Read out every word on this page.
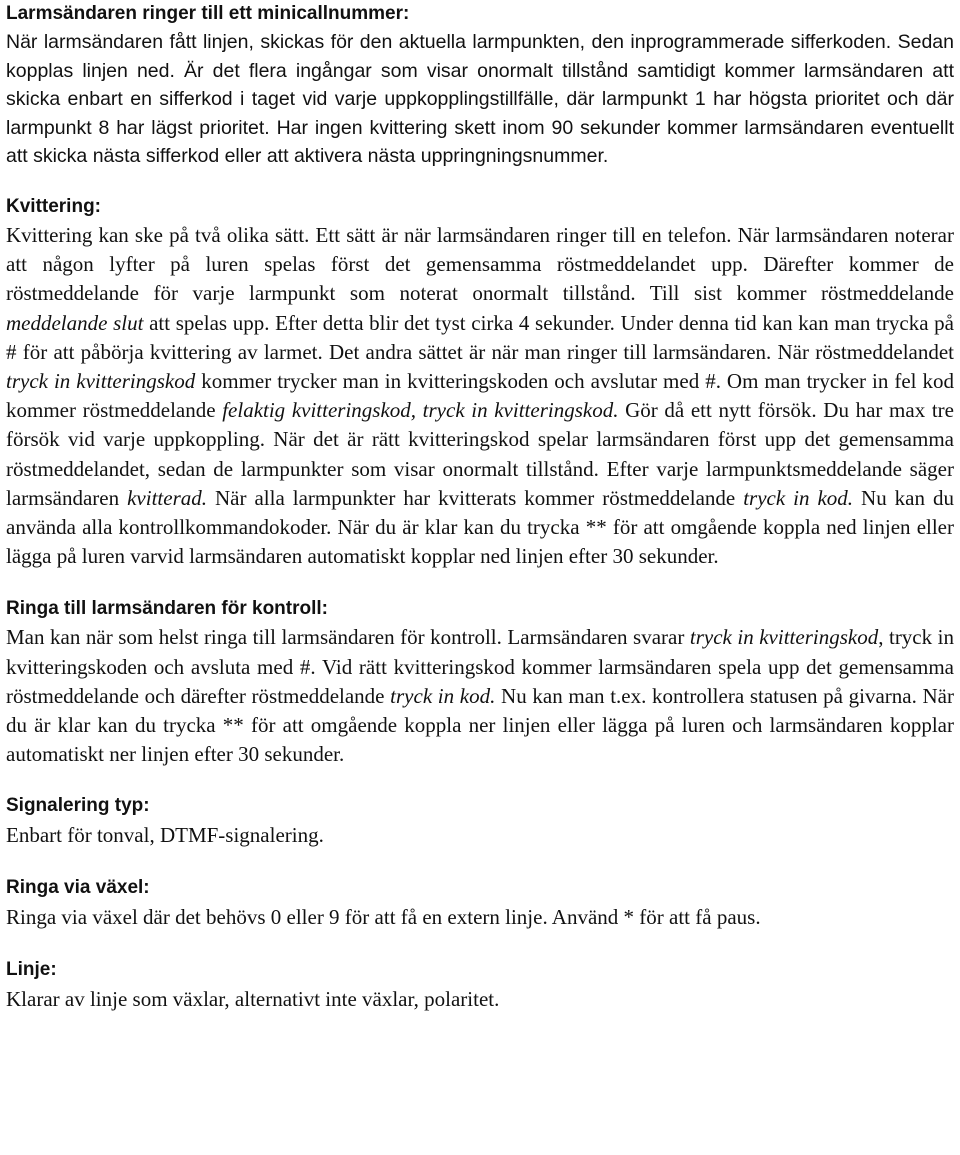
Larmsändaren ringer till ett minicallnummer:

När larmsändaren fått linjen, skickas för den aktuella larmpunkten, den inprogrammerade sifferkoden. Sedan kopplas linjen ned. Är det flera ingångar som visar onormalt tillstånd samtidigt kommer larmsändaren att skicka enbart en sifferkod i taget vid varje uppkopplingstillfälle, där larmpunkt 1 har högsta prioritet och där larmpunkt 8 har lägst prioritet. Har ingen kvittering skett inom 90 sekunder kommer larmsändaren eventuellt att skicka nästa sifferkod eller att aktivera nästa uppringningsnummer.

Kvittering:

Kvittering kan ske på två olika sätt. Ett sätt är när larmsändaren ringer till en telefon. När larmsändaren noterar att någon lyfter på luren spelas först det gemensamma röstmeddelandet upp. Därefter kommer de röstmeddelande för varje larmpunkt som noterat onormalt tillstånd. Till sist kommer röstmeddelande meddelande slut att spelas upp. Efter detta blir det tyst cirka 4 sekunder. Under denna tid kan kan man trycka på # för att påbörja kvittering av larmet. Det andra sättet är när man ringer till larmsändaren. När röstmeddelandet tryck in kvitteringskod kommer trycker man in kvitteringskoden och avslutar med #. Om man trycker in fel kod kommer röstmeddelande felaktig kvitteringskod, tryck in kvitteringskod. Gör då ett nytt försök. Du har max tre försök vid varje uppkoppling. När det är rätt kvitteringskod spelar larmsändaren först upp det gemensamma röstmeddelandet, sedan de larmpunkter som visar onormalt tillstånd. Efter varje larmpunktsmeddelande säger larmsändaren kvitterad. När alla larmpunkter har kvitterats kommer röstmeddelande tryck in kod. Nu kan du använda alla kontrollkommandokoder. När du är klar kan du trycka ** för att omgående koppla ned linjen eller lägga på luren varvid larmsändaren automatiskt kopplar ned linjen efter 30 sekunder.

Ringa till larmsändaren för kontroll:

Man kan när som helst ringa till larmsändaren för kontroll. Larmsändaren svarar tryck in kvitteringskod, tryck in kvitteringskoden och avsluta med #. Vid rätt kvitteringskod kommer larmsändaren spela upp det gemensamma röstmeddelande och därefter röstmeddelande tryck in kod. Nu kan man t.ex. kontrollera statusen på givarna. När du är klar kan du trycka ** för att omgående koppla ner linjen eller lägga på luren och larmsändaren kopplar automatiskt ner linjen efter 30 sekunder.

Signalering typ:

Enbart för tonval, DTMF-signalering.

Ringa via växel:

Ringa via växel där det behövs 0 eller 9 för att få en extern linje. Använd * för att få paus.

Linje:

Klarar av linje som växlar, alternativt inte växlar, polaritet.
